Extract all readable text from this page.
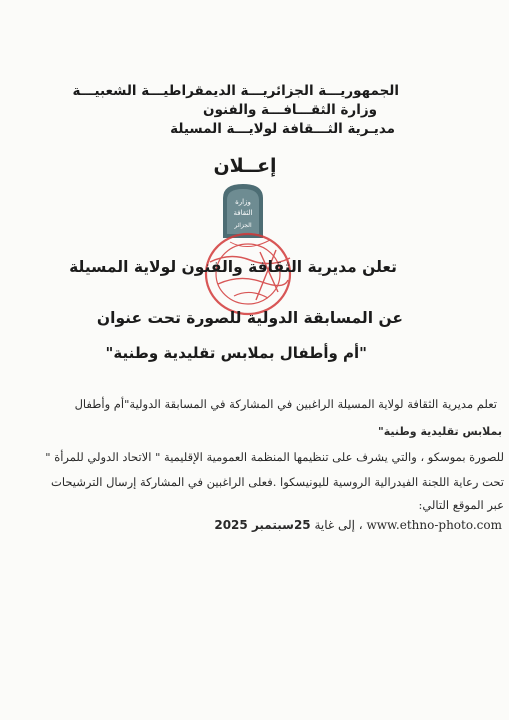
الجمهوريـــة الجزائريـــة الديمقراطيـــة الشعبيـــة
وزارة الثقـــافـــة والفنون
مديـرية الثـــقافة لولايـــة المسيلة
إعــلان
وزارة
الثقافة
الجزائر
تعلن مديرية الثقافة والفنون لولاية المسيلة
عن المسابقة الدولية للصورة تحت عنوان
"أم وأطفال بملابس تقليدية وطنية"
تعلم مديرية الثقافة لولاية المسيلة الراغبين في المشاركة في المسابقة الدولية"أم وأطفال
بملابس تقليدية وطنية"
للصورة بموسكو ، والتي يشرف على تنظيمها المنظمة العمومية الإقليمية " الاتحاد الدولي للمرأة "
تحت رعاية اللجنة الفيدرالية الروسية لليونيسكوا .فعلى الراغبين في المشاركة إرسال الترشيحات
عبر الموقع التالي:
www.ethno-photo.com ، إلى غاية 25سبتمبر 2025
